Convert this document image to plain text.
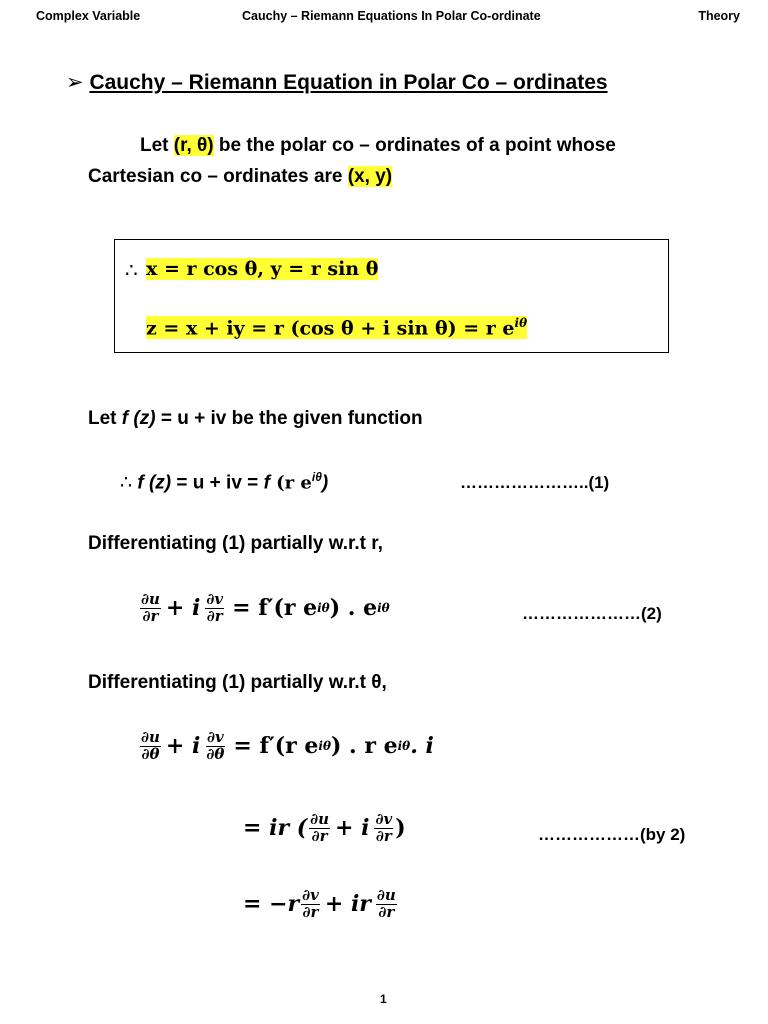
Complex Variable	Cauchy – Riemann Equations In Polar Co-ordinate	Theory
➢ Cauchy – Riemann Equation in Polar Co – ordinates
Let (r, θ) be the polar co – ordinates of a point whose
Cartesian co – ordinates are (x, y)
∴ x = r cos θ, y = r sin θ
z = x + iy = r (cos θ + i sin θ) = r $e^{i\theta}$
Let f (z) = u + iv be the given function
∴ f (z) = u + iv = f (r $e^{i\theta}$)	…………………..(1)
Differentiating (1) partially w.r.t r,
$\frac{\partial u}{\partial r} + i \frac{\partial v}{\partial r} = f'(r$ e iθ ) . e iθ	…………………(2)
Differentiating (1) partially w.r.t θ,
$\frac{\partial u}{\partial\theta} + i \frac{\partial v}{\partial\theta} = f'(r$ e iθ ) . r e iθ . i
= ir ( $\frac{\partial u}{\partial r} + i \frac{\partial v}{\partial r}$ )	………………(by 2)
= $-r \frac{\partial v}{\partial r}$ + ir $\frac{\partial u}{\partial r}$
1
